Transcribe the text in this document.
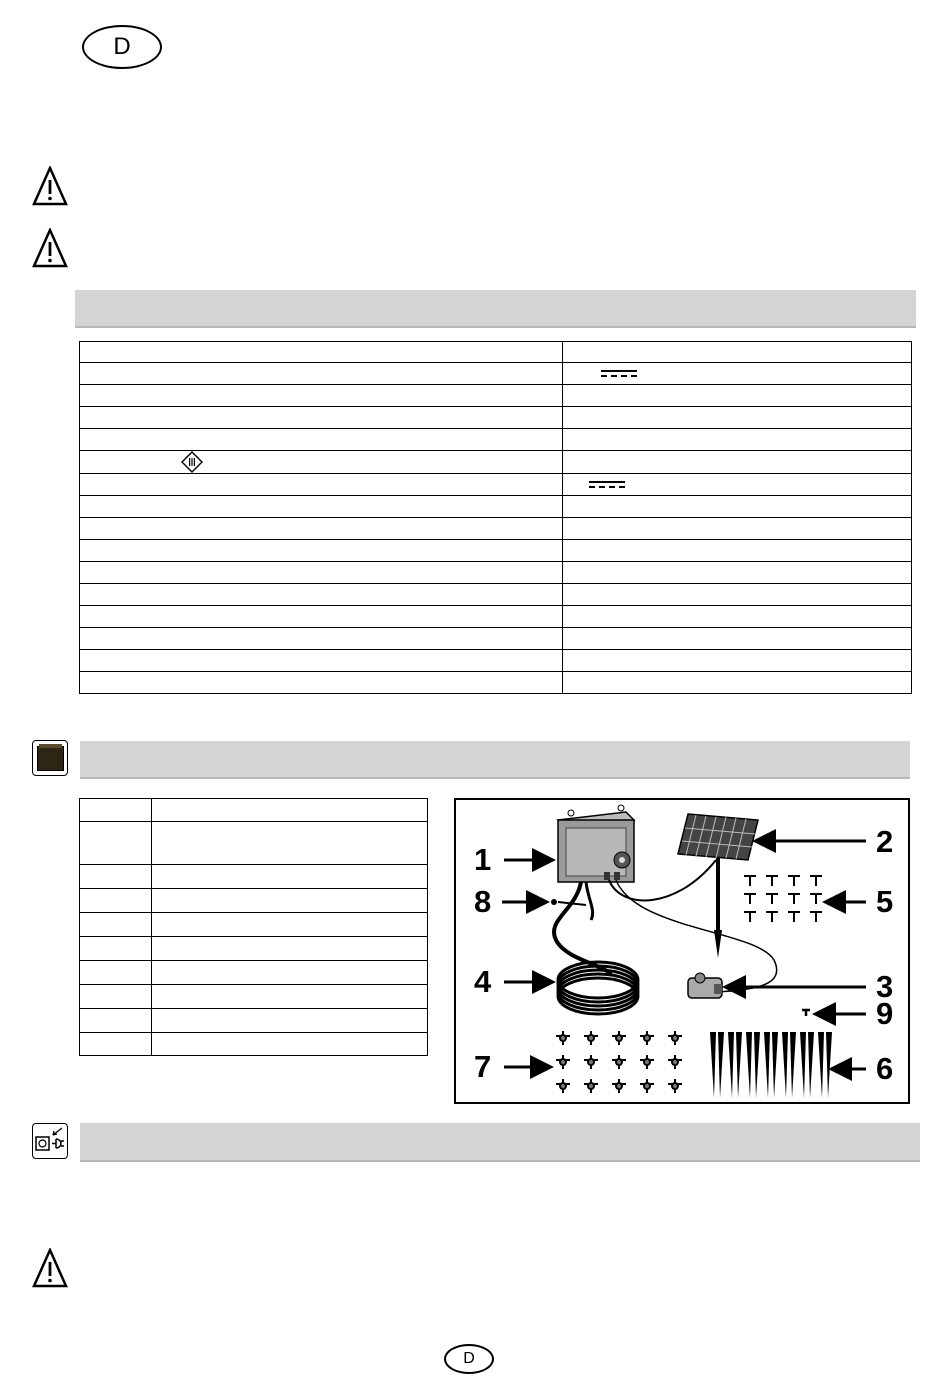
D

1
2
3
4
5
6
7
8
9
D
